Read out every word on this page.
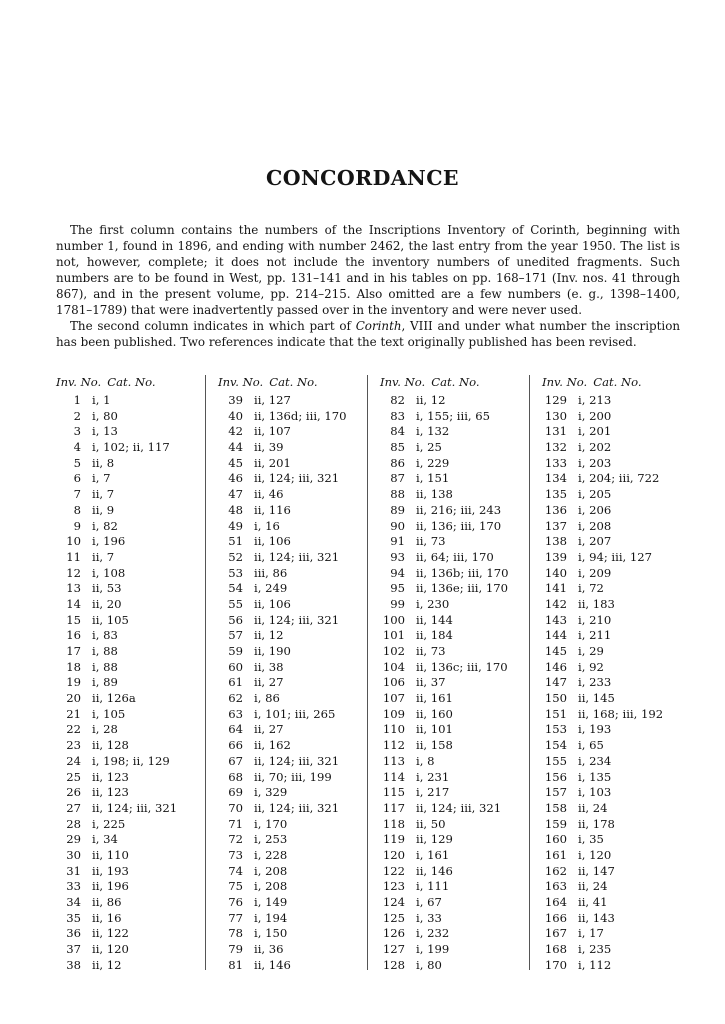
CONCORDANCE

The first column contains the numbers of the Inscriptions Inventory of Corinth, beginning with number 1, found in 1896, and ending with number 2462, the last entry from the year 1950. The list is not, however, complete; it does not include the inventory numbers of unedited fragments. Such numbers are to be found in West, pp. 131–141 and in his tables on pp. 168–171 (Inv. nos. 41 through 867), and in the present volume, pp. 214–215. Also omitted are a few numbers (e. g., 1398–1400, 1781–1789) that were inadvertently passed over in the inventory and were never used.

The second column indicates in which part of Corinth, VIII and under what number the inscription has been published. Two references indicate that the text originally published has been revised.

Inv. No. Cat. No.
1 i, 1
2 i, 80
3 i, 13
4 i, 102; ii, 117
5 ii, 8
6 i, 7
7 ii, 7
8 ii, 9
9 i, 82
10 i, 196
11 ii, 7
12 i, 108
13 ii, 53
14 ii, 20
15 ii, 105
16 i, 83
17 i, 88
18 i, 88
19 i, 89
20 ii, 126a
21 i, 105
22 i, 28
23 ii, 128
24 i, 198; ii, 129
25 ii, 123
26 ii, 123
27 ii, 124; iii, 321
28 i, 225
29 i, 34
30 ii, 110
31 ii, 193
33 ii, 196
34 ii, 86
35 ii, 16
36 ii, 122
37 ii, 120
38 ii, 12
Inv. No. Cat. No.
39 ii, 127
40 ii, 136d; iii, 170
42 ii, 107
44 ii, 39
45 ii, 201
46 ii, 124; iii, 321
47 ii, 46
48 ii, 116
49 i, 16
51 ii, 106
52 ii, 124; iii, 321
53 iii, 86
54 i, 249
55 ii, 106
56 ii, 124; iii, 321
57 ii, 12
59 ii, 190
60 ii, 38
61 ii, 27
62 i, 86
63 i, 101; iii, 265
64 ii, 27
66 ii, 162
67 ii, 124; iii, 321
68 ii, 70; iii, 199
69 i, 329
70 ii, 124; iii, 321
71 i, 170
72 i, 253
73 i, 228
74 i, 208
75 i, 208
76 i, 149
77 i, 194
78 i, 150
79 ii, 36
81 ii, 146
Inv. No. Cat. No.
82 ii, 12
83 i, 155; iii, 65
84 i, 132
85 i, 25
86 i, 229
87 i, 151
88 ii, 138
89 ii, 216; iii, 243
90 ii, 136; iii, 170
91 ii, 73
93 ii, 64; iii, 170
94 ii, 136b; iii, 170
95 ii, 136e; iii, 170
99 i, 230
100 ii, 144
101 ii, 184
102 ii, 73
104 ii, 136c; iii, 170
106 ii, 37
107 ii, 161
109 ii, 160
110 ii, 101
112 ii, 158
113 i, 8
114 i, 231
115 i, 217
117 ii, 124; iii, 321
118 ii, 50
119 ii, 129
120 i, 161
122 ii, 146
123 i, 111
124 i, 67
125 i, 33
126 i, 232
127 i, 199
128 i, 80
Inv. No. Cat. No.
129 i, 213
130 i, 200
131 i, 201
132 i, 202
133 i, 203
134 i, 204; iii, 722
135 i, 205
136 i, 206
137 i, 208
138 i, 207
139 i, 94; iii, 127
140 i, 209
141 i, 72
142 ii, 183
143 i, 210
144 i, 211
145 i, 29
146 i, 92
147 i, 233
150 ii, 145
151 ii, 168; iii, 192
153 i, 193
154 i, 65
155 i, 234
156 i, 135
157 i, 103
158 ii, 24
159 ii, 178
160 i, 35
161 i, 120
162 ii, 147
163 ii, 24
164 ii, 41
166 ii, 143
167 i, 17
168 i, 235
170 i, 112
